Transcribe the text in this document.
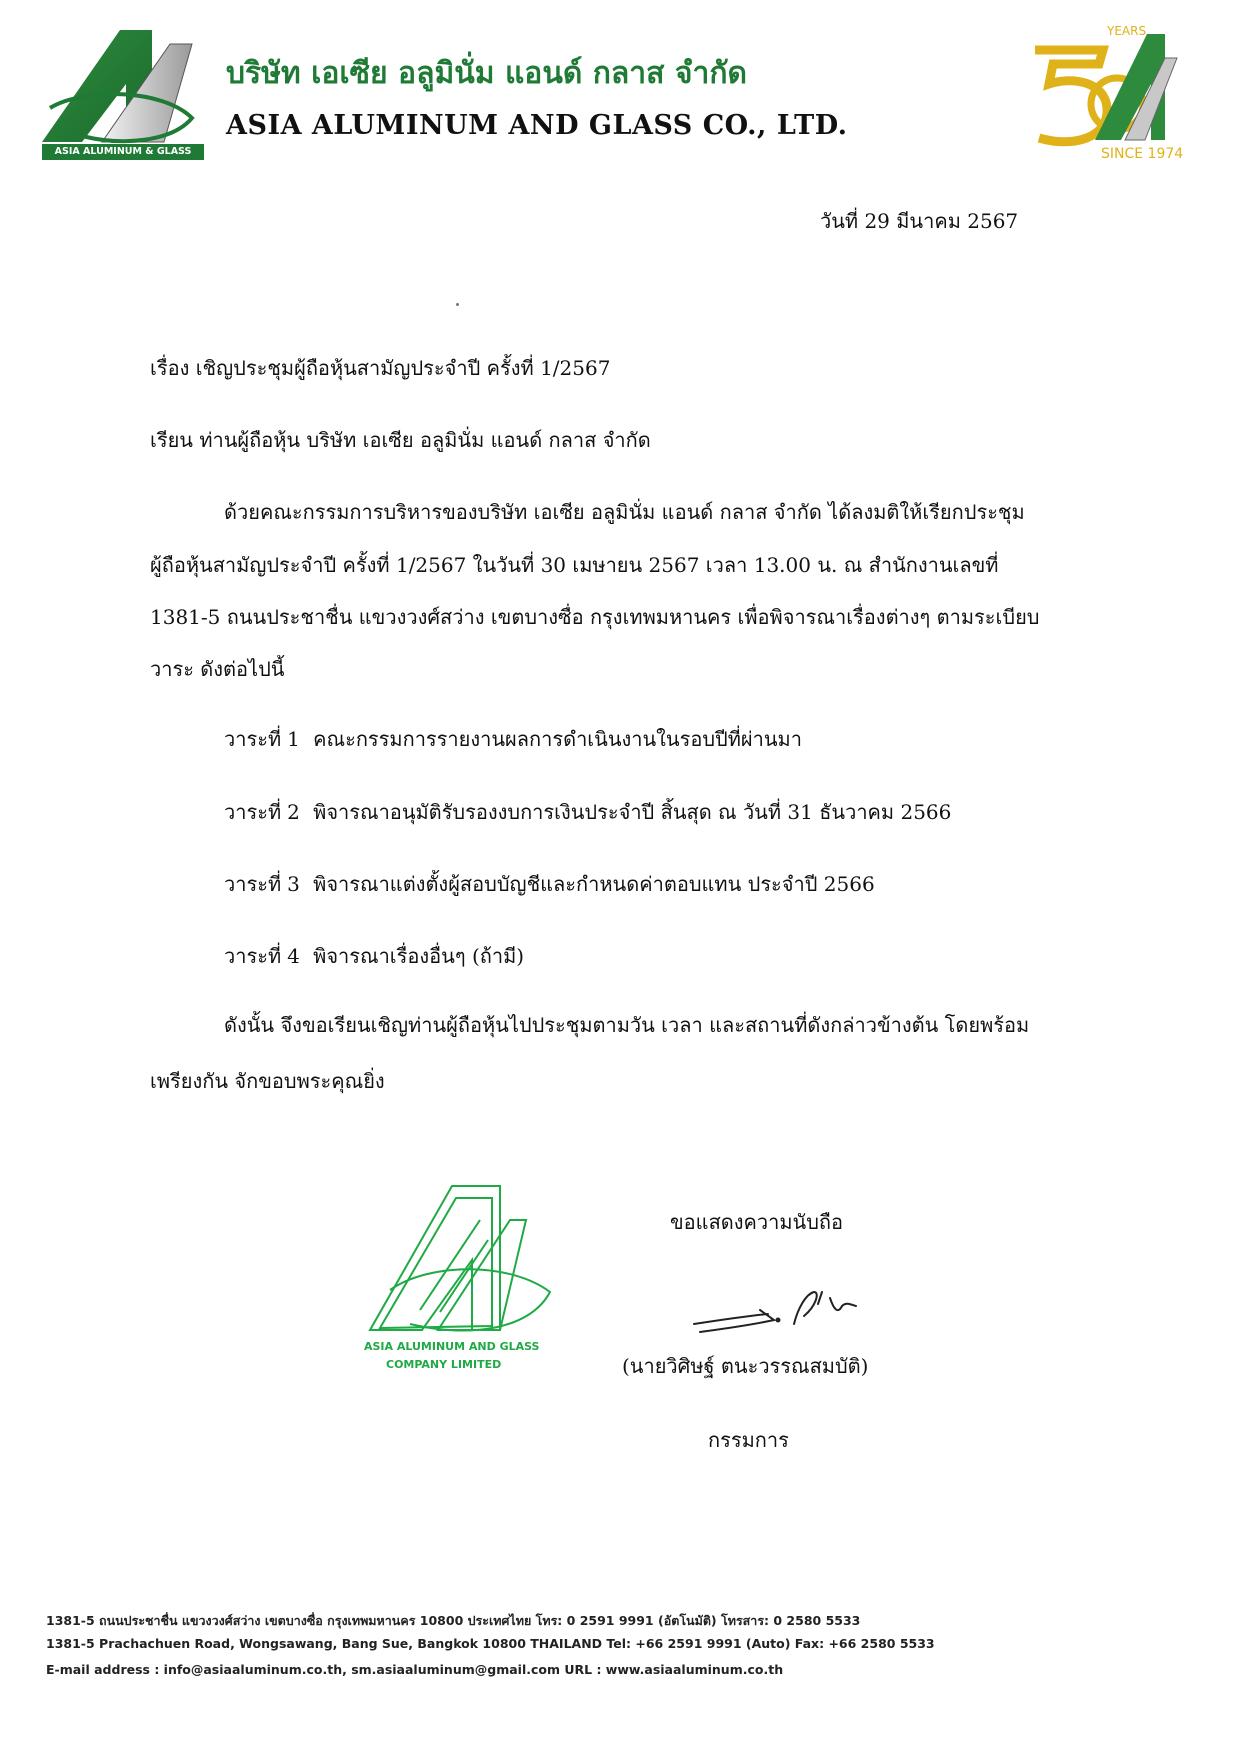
ASIA ALUMINUM & GLASS
บริษัท เอเซีย อลูมินั่ม แอนด์ กลาส จำกัด
ASIA ALUMINUM AND GLASS CO., LTD.
YEARS
SINCE 1974
วันที่ 29 มีนาคม 2567
เรื่อง เชิญประชุมผู้ถือหุ้นสามัญประจำปี ครั้งที่ 1/2567
เรียน ท่านผู้ถือหุ้น บริษัท เอเซีย อลูมินั่ม แอนด์ กลาส จำกัด
ด้วยคณะกรรมการบริหารของบริษัท เอเซีย อลูมินั่ม แอนด์ กลาส จำกัด ได้ลงมติให้เรียกประชุม
ผู้ถือหุ้นสามัญประจำปี ครั้งที่ 1/2567 ในวันที่ 30 เมษายน 2567 เวลา 13.00 น. ณ สำนักงานเลขที่
1381-5 ถนนประชาชื่น แขวงวงศ์สว่าง เขตบางซื่อ กรุงเทพมหานคร เพื่อพิจารณาเรื่องต่างๆ ตามระเบียบ
วาระ ดังต่อไปนี้
วาระที่ 1 คณะกรรมการรายงานผลการดำเนินงานในรอบปีที่ผ่านมา
วาระที่ 2 พิจารณาอนุมัติรับรองงบการเงินประจำปี สิ้นสุด ณ วันที่ 31 ธันวาคม 2566
วาระที่ 3 พิจารณาแต่งตั้งผู้สอบบัญชีและกำหนดค่าตอบแทน ประจำปี 2566
วาระที่ 4 พิจารณาเรื่องอื่นๆ (ถ้ามี)
ดังนั้น จึงขอเรียนเชิญท่านผู้ถือหุ้นไปประชุมตามวัน เวลา และสถานที่ดังกล่าวข้างต้น โดยพร้อม
เพรียงกัน จักขอบพระคุณยิ่ง
ASIA ALUMINUM AND GLASS
COMPANY LIMITED
ขอแสดงความนับถือ
(นายวิศิษฐ์ ตนะวรรณสมบัติ)
กรรมการ
1381-5 ถนนประชาชื่น แขวงวงศ์สว่าง เขตบางซื่อ กรุงเทพมหานคร 10800 ประเทศไทย โทร: 0 2591 9991 (อัตโนมัติ) โทรสาร: 0 2580 5533
1381-5 Prachachuen Road, Wongsawang, Bang Sue, Bangkok 10800 THAILAND Tel: +66 2591 9991 (Auto) Fax: +66 2580 5533
E-mail address : info@asiaaluminum.co.th, sm.asiaaluminum@gmail.com URL : www.asiaaluminum.co.th
